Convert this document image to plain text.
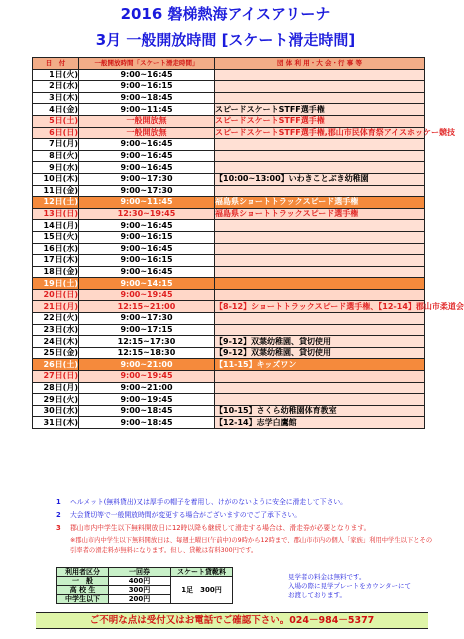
2016 磐梯熱海アイスアリーナ
3月 一般開放時間 [スケート滑走時間]
日　付	一般開放時間「スケート滑走時間」	団 体 利 用・大 会・行 事 等
1日(火)	9:00~16:45	
2日(水)	9:00~16:15	
3日(木)	9:00~18:45	
4日(金)	9:00~11:45	スピードスケートSTFF選手権
5日(土)	一般開放無	スピードスケートSTFF選手権
6日(日)	一般開放無	スピードスケートSTFF選手権,郡山市民体育祭アイスホッケー競技
7日(月)	9:00~16:45	
8日(火)	9:00~16:45	
9日(水)	9:00~16:45	
10日(木)	9:00~17:30	【10:00~13:00】いわきことぶき幼稚園
11日(金)	9:00~17:30	
12日(土)	9:00~11:45	福島県ショートトラックスピード選手権
13日(日)	12:30~19:45	福島県ショートトラックスピード選手権
14日(月)	9:00~16:45	
15日(火)	9:00~16:15	
16日(水)	9:00~16:45	
17日(木)	9:00~16:15	
18日(金)	9:00~16:45	
19日(土)	9:00~14:15	
20日(日)	9:00~19:45	
21日(月)	12:15~21:00	【8-12】ショートトラックスピード選手権、【12-14】郡山市柔道会
22日(火)	9:00~17:30	
23日(水)	9:00~17:15	
24日(木)	12:15~17:30	【9-12】双葉幼稚園、貸切使用
25日(金)	12:15~18:30	【9-12】双葉幼稚園、貸切使用
26日(土)	9:00~21:00	【11-15】キッズワン
27日(日)	9:00~19:45	
28日(月)	9:00~21:00	
29日(火)	9:00~19:45	
30日(水)	9:00~18:45	【10-15】さくら幼稚園体育教室
31日(木)	9:00~18:45	【12-14】志学白鷹館
1	ヘルメット(無料貸出)又は厚手の帽子を着用し、けがのないように安全に滑走して下さい。
2	大会貸切等で一般開放時間が変更する場合がございますのでご了承下さい。
3	郡山市内中学生以下無料開放日に12時以降も継続して滑走する場合は、滑走券が必要となります。
※郡山市内中学生以下無料開放日は、毎週土曜日(午前中)の9時から12時まで、郡山市市内の個人「家族」利用中学生以下とその引率者の滑走料が無料になります。但し、貸靴は有料300円です。
利用者区分	一回券	スケート貸靴料
一　般	400円	1足　300円
高 校 生	300円	
中学生以下	200円	
見学者の料金は無料です。
入場の際に見学プレートをカウンターにて
お渡しております。
ご不明な点は受付又はお電話でご確認下さい。024－984－5377
